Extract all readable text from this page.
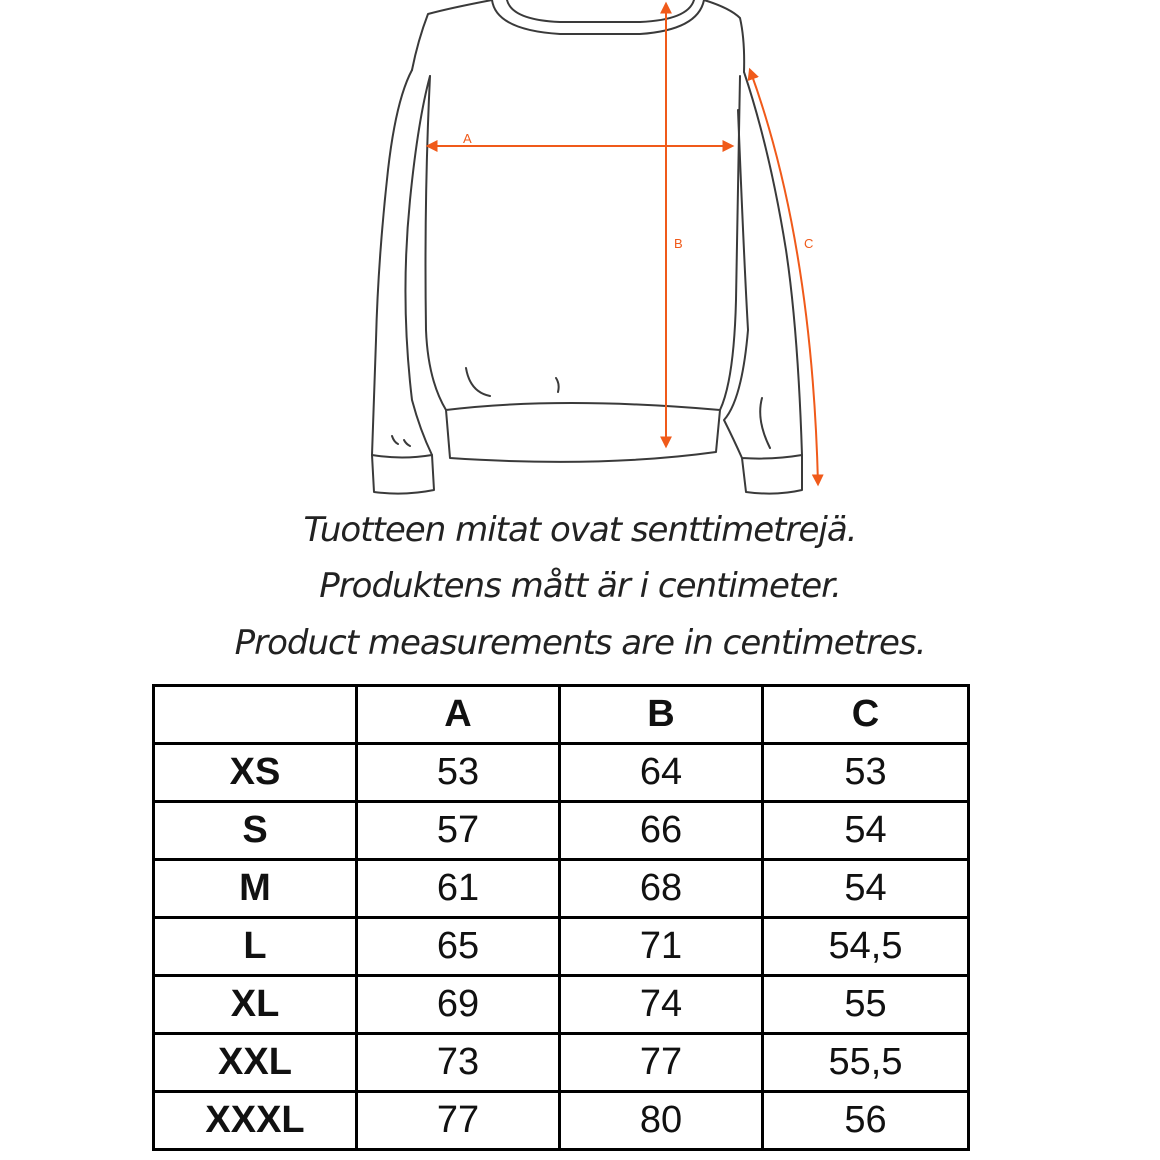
A
B	C
Tuotteen mitat ovat senttimetrejä.
Produktens mått är i centimeter.
Product measurements are in centimetres.
	A	B	C
XS	53	64	53
S	57	66	54
M	61	68	54
L	65	71	54,5
XL	69	74	55
XXL	73	77	55,5
XXXL	77	80	56
